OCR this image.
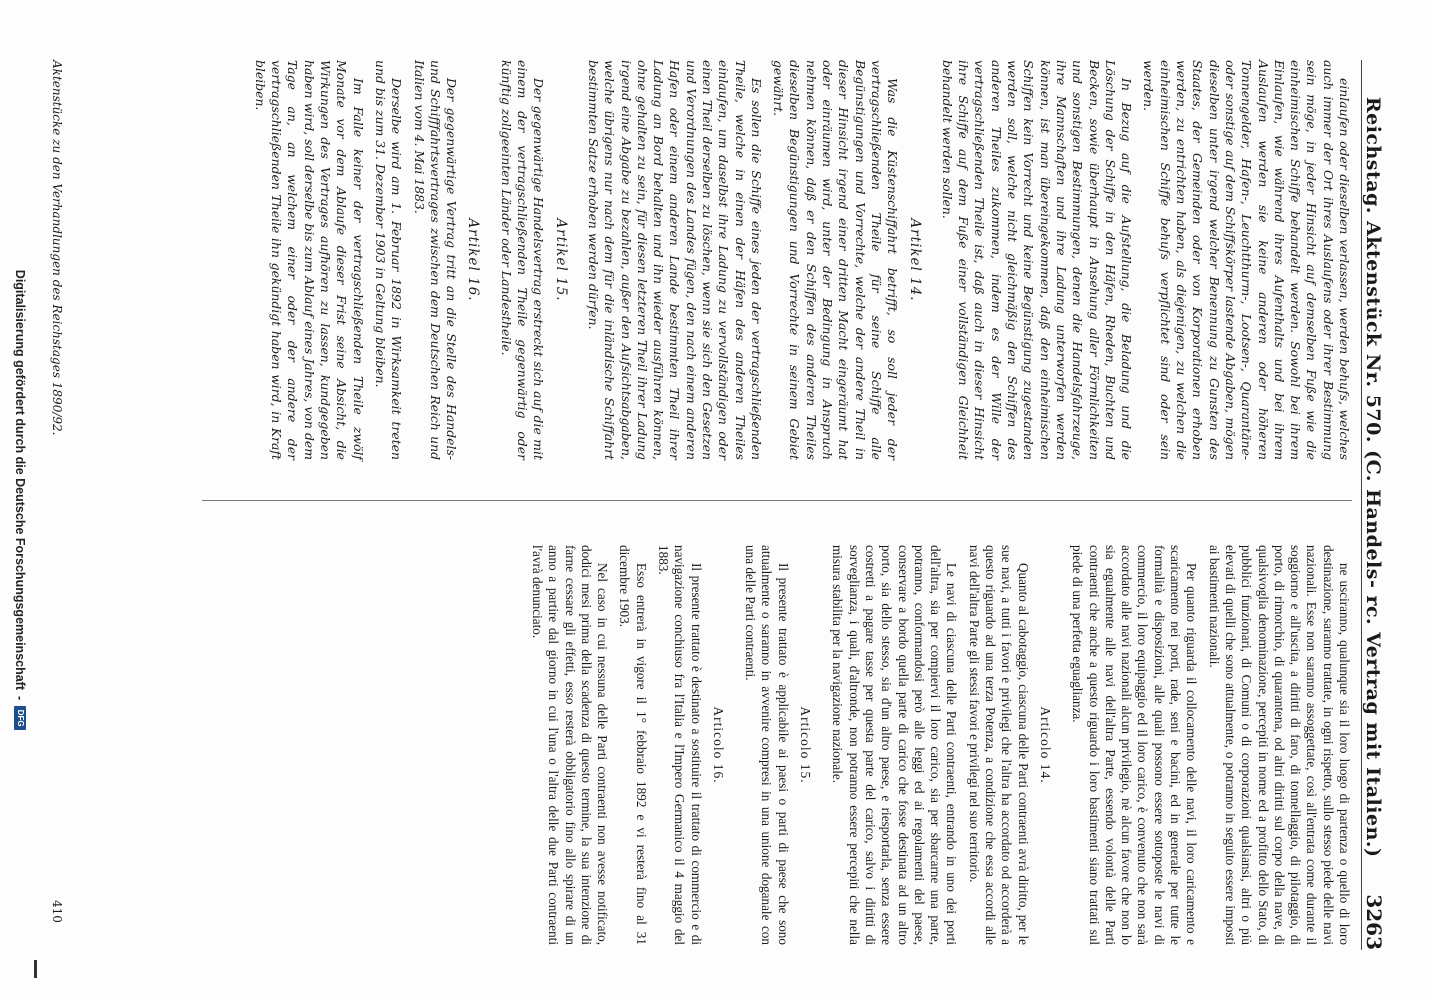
Reichstag. Aktenstück Nr. 570. (C. Handels- rc. Vertrag mit Italien.)
3263

einlaufen oder dieselben verlassen, werden behufs, welches auch immer der Ort ihres Auslaufens oder ihrer Bestimmung sein möge, in jeder Hinsicht auf demselben Fuße wie die einheimischen Schiffe behandelt werden. Sowohl bei ihrem Einlaufen, wie während ihres Aufenthalts und bei ihrem Auslaufen werden sie keine anderen oder höheren Tonnengelder, Hafen-, Leuchtthurm-, Lootsen-, Quarantäne- oder sonstige auf dem Schiffskörper lastende Abgaben, mögen dieselben unter irgend welcher Benennung zu Gunsten des Staates, der Gemeinden oder von Korporationen erhoben werden, zu entrichten haben, als diejenigen, zu welchen die einheimischen Schiffe behufs verpflichtet sind oder sein werden.

In Bezug auf die Aufstellung, die Beladung und die Löschung der Schiffe in den Häfen, Rheden, Buchten und Becken, sowie überhaupt in Ansehung aller Förmlichkeiten und sonstigen Bestimmungen, denen die Handelsfahrzeuge, ihre Mannschaften und ihre Ladung unterworfen werden können, ist man übereingekommen, daß den einheimischen Schiffen kein Vorrecht und keine Begünstigung zugestanden werden soll, welche nicht gleichmäßig den Schiffen des anderen Theiles zukommen, indem es der Wille der vertragschließenden Theile ist, daß auch in dieser Hinsicht ihre Schiffe auf dem Fuße einer vollständigen Gleichheit behandelt werden sollen.

Artikel 14.

Was die Küstenschiffahrt betrifft, so soll jeder der vertragschließenden Theile für seine Schiffe alle Begünstigungen und Vorrechte, welche der andere Theil in dieser Hinsicht irgend einer dritten Macht eingeräumt hat oder einräumen wird, unter der Bedingung in Anspruch nehmen können, daß er den Schiffen des anderen Theiles dieselben Begünstigungen und Vorrechte in seinem Gebiet gewährt.

Es sollen die Schiffe eines jeden der vertragschließenden Theile, welche in einen der Häfen des anderen Theiles einlaufen, um daselbst ihre Ladung zu vervollständigen oder einen Theil derselben zu löschen, wenn sie sich den Gesetzen und Verordnungen des Landes fügen, den nach einem anderen Hafen oder einem anderen Lande bestimmten Theil ihrer Ladung an Bord behalten und ihn wieder ausführen können, ohne gehalten zu sein, für diesen letzteren Theil ihrer Ladung irgend eine Abgabe zu bezahlen, außer den Aufsichtsabgaben, welche übrigens nur nach dem für die inländische Schiffahrt bestimmten Satze erhoben werden dürfen.

Artikel 15.

Der gegenwärtige Handelsvertrag erstreckt sich auf die mit einem der vertragschließenden Theile gegenwärtig oder künftig zollgeeinten Länder oder Landestheile.

Artikel 16.

Der gegenwärtige Vertrag tritt an die Stelle des Handels- und Schifffahrtsvertrages zwischen dem Deutschen Reich und Italien vom 4. Mai 1883.

Derselbe wird am 1. Februar 1892 in Wirksamkeit treten und bis zum 31. Dezember 1903 in Geltung bleiben.

Im Falle keiner der vertragschließenden Theile zwölf Monate vor dem Ablaufe dieser Frist seine Absicht, die Wirkungen des Vertrages aufhören zu lassen, kundgegeben haben wird, soll derselbe bis zum Ablauf eines Jahres, von dem Tage an, an welchem einer oder der andere der vertragschließenden Theile ihn gekündigt haben wird, in Kraft bleiben.

ne usciranno, qualunque sia il loro luogo di partenza o quello di loro destinazione, saranno trattate, in ogni rispetto, sullo stesso piede delle navi nazionali. Esse non saranno assoggettate, così all'entrata come durante il soggiorno e all'uscita, a diritti di faro, di tonnellaggio, di pilotaggio, di porto, di rimorchio, di quarantena, od altri diritti sul corpo della nave, di qualsivoglia denominazione, percepiti in nome ed a profitto dello Stato, di pubblici funzionari, di Comuni o di corporazioni qualsiansi, altri o più elevati di quelli che sono attualmente, o potranno in seguito essere imposti ai bastimenti nazionali.

Per quanto riguarda il collocamento delle navi, il loro caricamento e scaricamento nei porti, rade, seni e bacini, ed in generale per tutte le formalità e disposizioni, alle quali possono essere sottoposte le navi di commercio, il loro equipaggio ed il loro carico, è convenuto che non sarà accordato alle navi nazionali alcun privilegio, nè alcun favore che non lo sia egualmente alle navi dell'altra Parte, essendo volontà delle Parti contraenti che anche a questo riguardo i loro bastimenti siano trattati sul piede di una perfetta eguaglianza.

Articolo 14.

Quanto al cabotaggio, ciascuna delle Parti contraenti avrà diritto, per le sue navi, a tutti i favori e privilegi che l'altra ha accordato od accorderà a questo riguardo ad una terza Potenza, a condizione che essa accordi alle navi dell'altra Parte gli stessi favori e privilegi nel suo territorio.

Le navi di ciascuna delle Parti contraenti, entrando in uno dei porti dell'altra, sia per compiervi il loro carico, sia per sbarcarne una parte, potranno, conformandosi però alle leggi ed ai regolamenti del paese, conservare a bordo quella parte di carico che fosse destinata ad un altro porto, sia dello stesso, sia d'un altro paese, e riesportarla, senza essere costretti a pagare tasse per questa parte del carico, salvo i diritti di sorveglianza, i quali, d'altronde, non potranno essere percepiti che nella misura stabilita per la navigazione nazionale.

Articolo 15.

Il presente trattato è applicabile ai paesi o parti di paese che sono attualmente o saranno in avvenire compresi in una unione doganale con una delle Parti contraenti.

Articolo 16.

Il presente trattato è destinato a sostituire il trattato di commercio e di navigazione conchiuso fra l'Italia e l'Impero Germanico il 4 maggio del 1883.

Esso entrerà in vigore il 1° febbraio 1892 e vi resterà fino al 31 dicembre 1903.

Nel caso in cui nessuna delle Parti contraenti non avesse notificato, dodici mesi prima della scadenza di questo termine, la sua intenzione di farne cessare gli effetti, esso resterà obbligatorio fino allo spirare di un anno a partire dal giorno in cui l'una o l'altra delle due Parti contraenti l'avrà denunciato.

Aktenstücke zu den Verhandlungen des Reichstages 1890/92.
410
Digitalisierung gefördert durch die Deutsche Forschungsgemeinschaft
-
DFG
